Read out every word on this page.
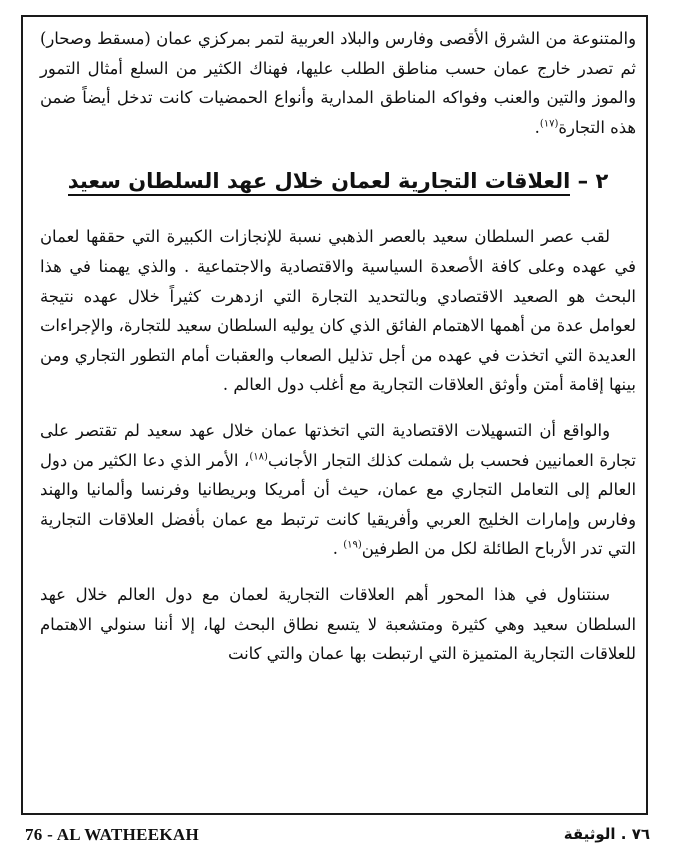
والمتنوعة من الشرق الأقصى وفارس والبلاد العربية لتمر بمركزي عمان (مسقط وصحار) ثم تصدر خارج عمان حسب مناطق الطلب عليها، فهناك الكثير من السلع أمثال التمور والموز والتين والعنب وفواكه المناطق المدارية وأنواع الحمضيات كانت تدخل أيضاً ضمن هذه التجارة$^{(١٧)}$.

٢ – العلاقات التجارية لعمان خلال عهد السلطان سعيد

لقب عصر السلطان سعيد بالعصر الذهبي نسبة للإنجازات الكبيرة التي حققها لعمان في عهده وعلى كافة الأصعدة السياسية والاقتصادية والاجتماعية . والذي يهمنا في هذا البحث هو الصعيد الاقتصادي وبالتحديد التجارة التي ازدهرت كثيراً خلال عهده نتيجة لعوامل عدة من أهمها الاهتمام الفائق الذي كان يوليه السلطان سعيد للتجارة، والإجراءات العديدة التي اتخذت في عهده من أجل تذليل الصعاب والعقبات أمام التطور التجاري ومن بينها إقامة أمتن وأوثق العلاقات التجارية مع أغلب دول العالم .

والواقع أن التسهيلات الاقتصادية التي اتخذتها عمان خلال عهد سعيد لم تقتصر على تجارة العمانيين فحسب بل شملت كذلك التجار الأجانب$^{(١٨)}$، الأمر الذي دعا الكثير من دول العالم إلى التعامل التجاري مع عمان، حيث أن أمريكا وبريطانيا وفرنسا وألمانيا والهند وفارس وإمارات الخليج العربي وأفريقيا كانت ترتبط مع عمان بأفضل العلاقات التجارية التي تدر الأرباح الطائلة لكل من الطرفين$^{(١٩)}$ .

سنتناول في هذا المحور أهم العلاقات التجارية لعمان مع دول العالم خلال عهد السلطان سعيد وهي كثيرة ومتشعبة لا يتسع نطاق البحث لها، إلا أننا سنولي الاهتمام للعلاقات التجارية المتميزة التي ارتبطت بها عمان والتي كانت

76 - AL WATHEEKAH	٧٦ . الوثيقة
